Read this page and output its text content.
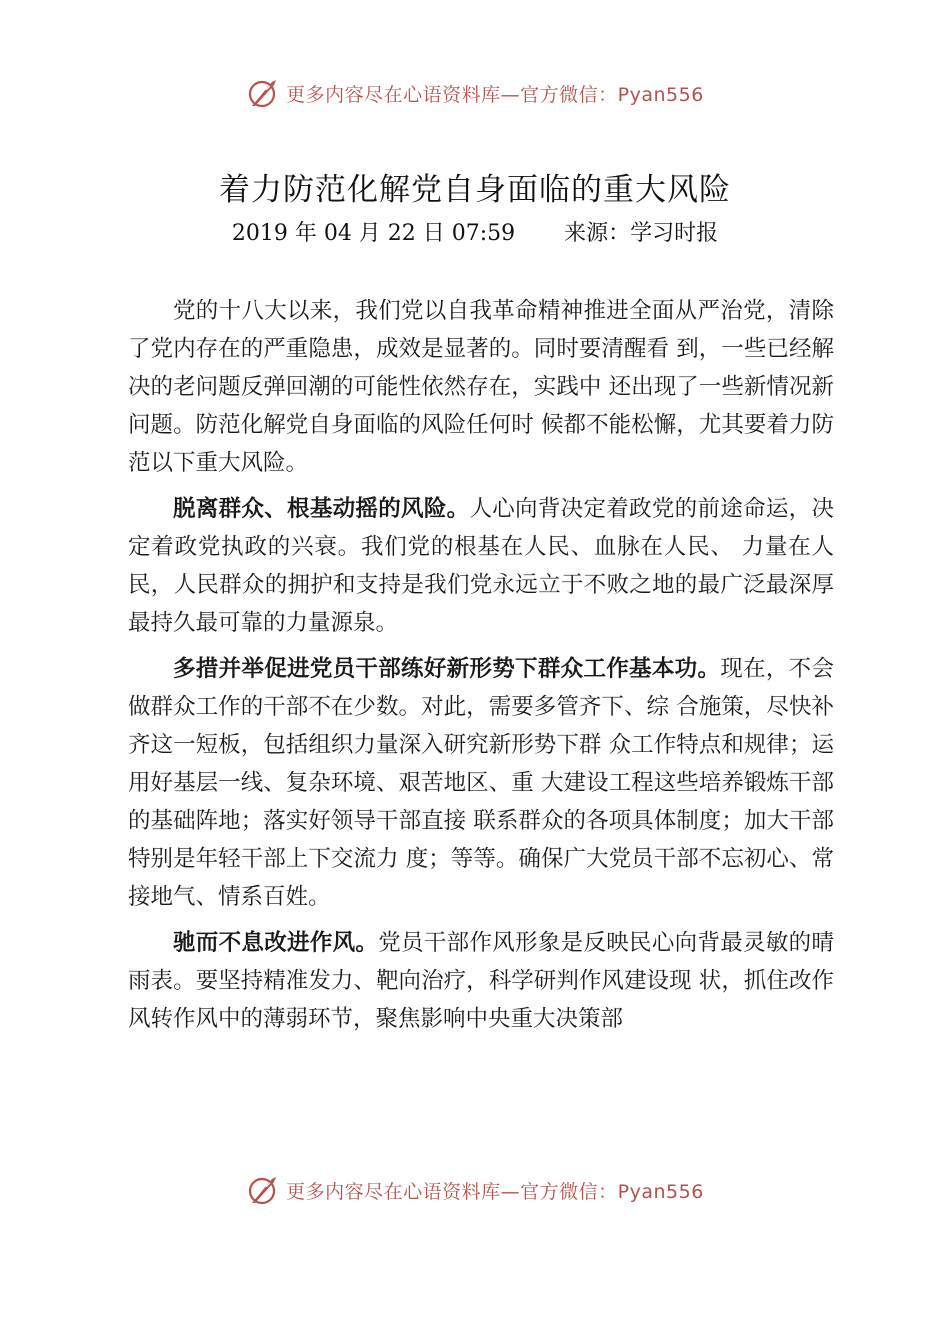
更多内容尽在心语资料库—官方微信：Pyan556
着力防范化解党自身面临的重大风险
2019 年 04 月 22 日 07:59 来源：学习时报

党的十八大以来，我们党以自我革命精神推进全面从严治党，清除了党内存在的严重隐患，成效是显著的。同时要清醒看 到，一些已经解决的老问题反弹回潮的可能性依然存在，实践中 还出现了一些新情况新问题。防范化解党自身面临的风险任何时 候都不能松懈，尤其要着力防范以下重大风险。

脱离群众、根基动摇的风险。人心向背决定着政党的前途命运，决定着政党执政的兴衰。我们党的根基在人民、血脉在人民、 力量在人民，人民群众的拥护和支持是我们党永远立于不败之地的最广泛最深厚最持久最可靠的力量源泉。

多措并举促进党员干部练好新形势下群众工作基本功。现在，不会做群众工作的干部不在少数。对此，需要多管齐下、综 合施策，尽快补齐这一短板，包括组织力量深入研究新形势下群 众工作特点和规律；运用好基层一线、复杂环境、艰苦地区、重 大建设工程这些培养锻炼干部的基础阵地；落实好领导干部直接 联系群众的各项具体制度；加大干部特别是年轻干部上下交流力 度；等等。确保广大党员干部不忘初心、常接地气、情系百姓。

驰而不息改进作风。党员干部作风形象是反映民心向背最灵敏的晴雨表。要坚持精准发力、靶向治疗，科学研判作风建设现 状，抓住改作风转作风中的薄弱环节，聚焦影响中央重大决策部

更多内容尽在心语资料库—官方微信：Pyan556
